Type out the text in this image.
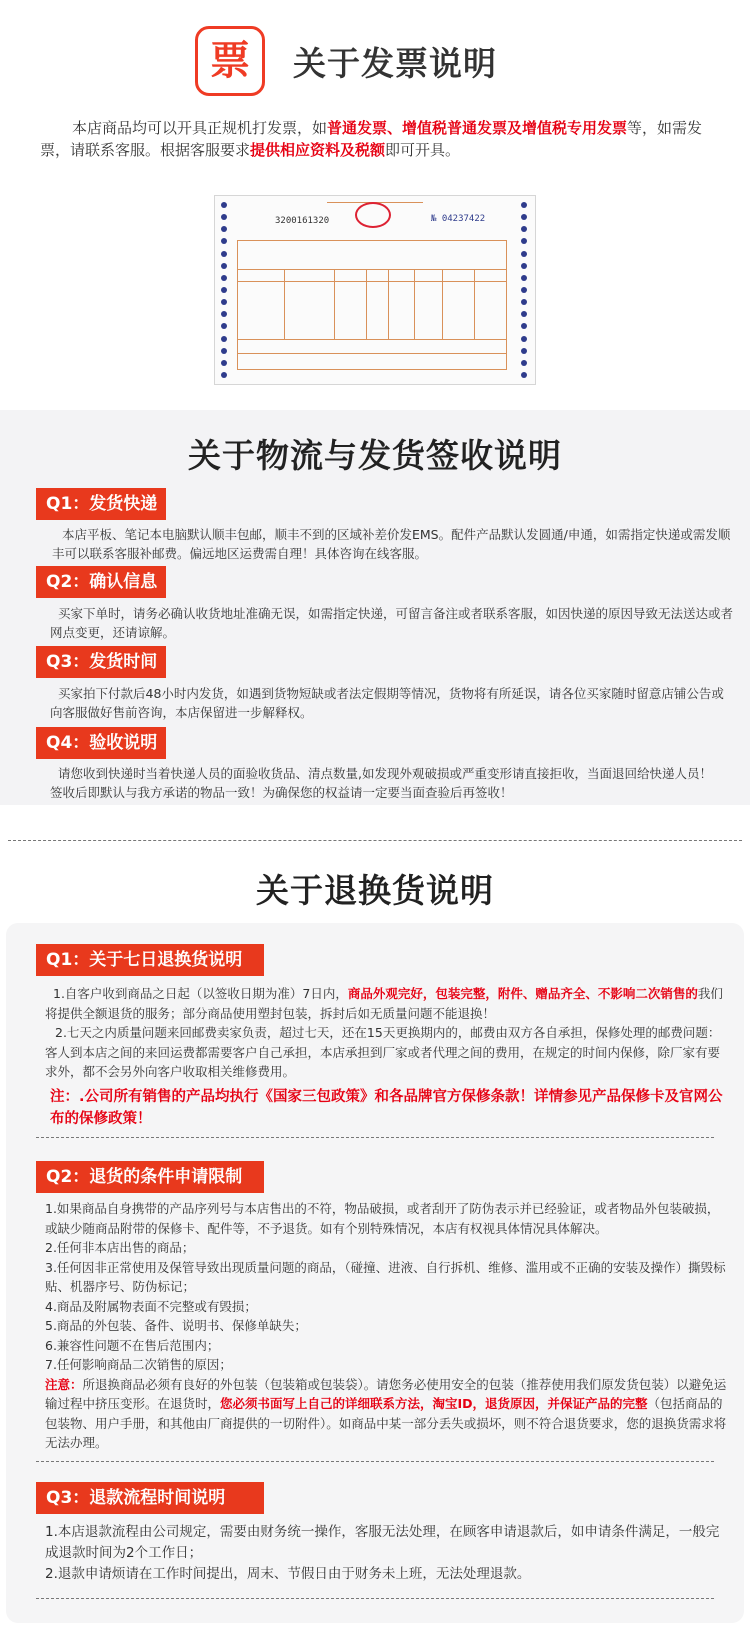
票 关于发票说明

本店商品均可以开具正规机打发票，如普通发票、增值税普通发票及增值税专用发票等，如需发票，请联系客服。根据客服要求提供相应资料及税额即可开具。

3200161320	№ 04237422
关于物流与发货签收说明
Q1：发货快递

本店平板、笔记本电脑默认顺丰包邮，顺丰不到的区域补差价发EMS。配件产品默认发圆通/申通，如需指定快递或需发顺丰可以联系客服补邮费。偏远地区运费需自理！具体咨询在线客服。

Q2：确认信息

买家下单时，请务必确认收货地址准确无误，如需指定快递，可留言备注或者联系客服，如因快递的原因导致无法送达或者网点变更，还请谅解。

Q3：发货时间

买家拍下付款后48小时内发货，如遇到货物短缺或者法定假期等情况，货物将有所延误，请各位买家随时留意店铺公告或向客服做好售前咨询，本店保留进一步解释权。

Q4：验收说明

请您收到快递时当着快递人员的面验收货品、清点数量,如发现外观破损或严重变形请直接拒收，当面退回给快递人员！签收后即默认与我方承诺的物品一致！为确保您的权益请一定要当面查验后再签收！

关于退换货说明
Q1：关于七日退换货说明

1.自客户收到商品之日起（以签收日期为准）7日内，商品外观完好，包装完整，附件、赠品齐全、不影响二次销售的我们将提供全额退货的服务；部分商品使用塑封包装，拆封后如无质量问题不能退换！

2.七天之内质量问题来回邮费卖家负责，超过七天，还在15天更换期内的，邮费由双方各自承担，保修处理的邮费问题：客人到本店之间的来回运费都需要客户自己承担，本店承担到厂家或者代理之间的费用，在规定的时间内保修，除厂家有要求外，都不会另外向客户收取相关维修费用。

注：.公司所有销售的产品均执行《国家三包政策》和各品牌官方保修条款！详情参见产品保修卡及官网公布的保修政策！

Q2：退货的条件申请限制

1.如果商品自身携带的产品序列号与本店售出的不符，物品破损，或者刮开了防伪表示并已经验证，或者物品外包装破损，或缺少随商品附带的保修卡、配件等，不予退货。如有个别特殊情况，本店有权视具体情况具体解决。

2.任何非本店出售的商品；

3.任何因非正常使用及保管导致出现质量问题的商品，（碰撞、进液、自行拆机、维修、滥用或不正确的安装及操作）撕毁标贴、机器序号、防伪标记；

4.商品及附属物表面不完整或有毁损；

5.商品的外包装、备件、说明书、保修单缺失；

6.兼容性问题不在售后范围内；

7.任何影响商品二次销售的原因；

注意：所退换商品必须有良好的外包装（包装箱或包装袋）。请您务必使用安全的包装（推荐使用我们原发货包装）以避免运输过程中挤压变形。在退货时，您必须书面写上自己的详细联系方法，淘宝ID，退货原因，并保证产品的完整（包括商品的包装物、用户手册，和其他由厂商提供的一切附件）。如商品中某一部分丢失或损坏，则不符合退货要求，您的退换货需求将无法办理。

Q3：退款流程时间说明

1.本店退款流程由公司规定，需要由财务统一操作，客服无法处理，在顾客申请退款后，如申请条件满足，一般完成退款时间为2个工作日；

2.退款申请烦请在工作时间提出，周末、节假日由于财务未上班，无法处理退款。
